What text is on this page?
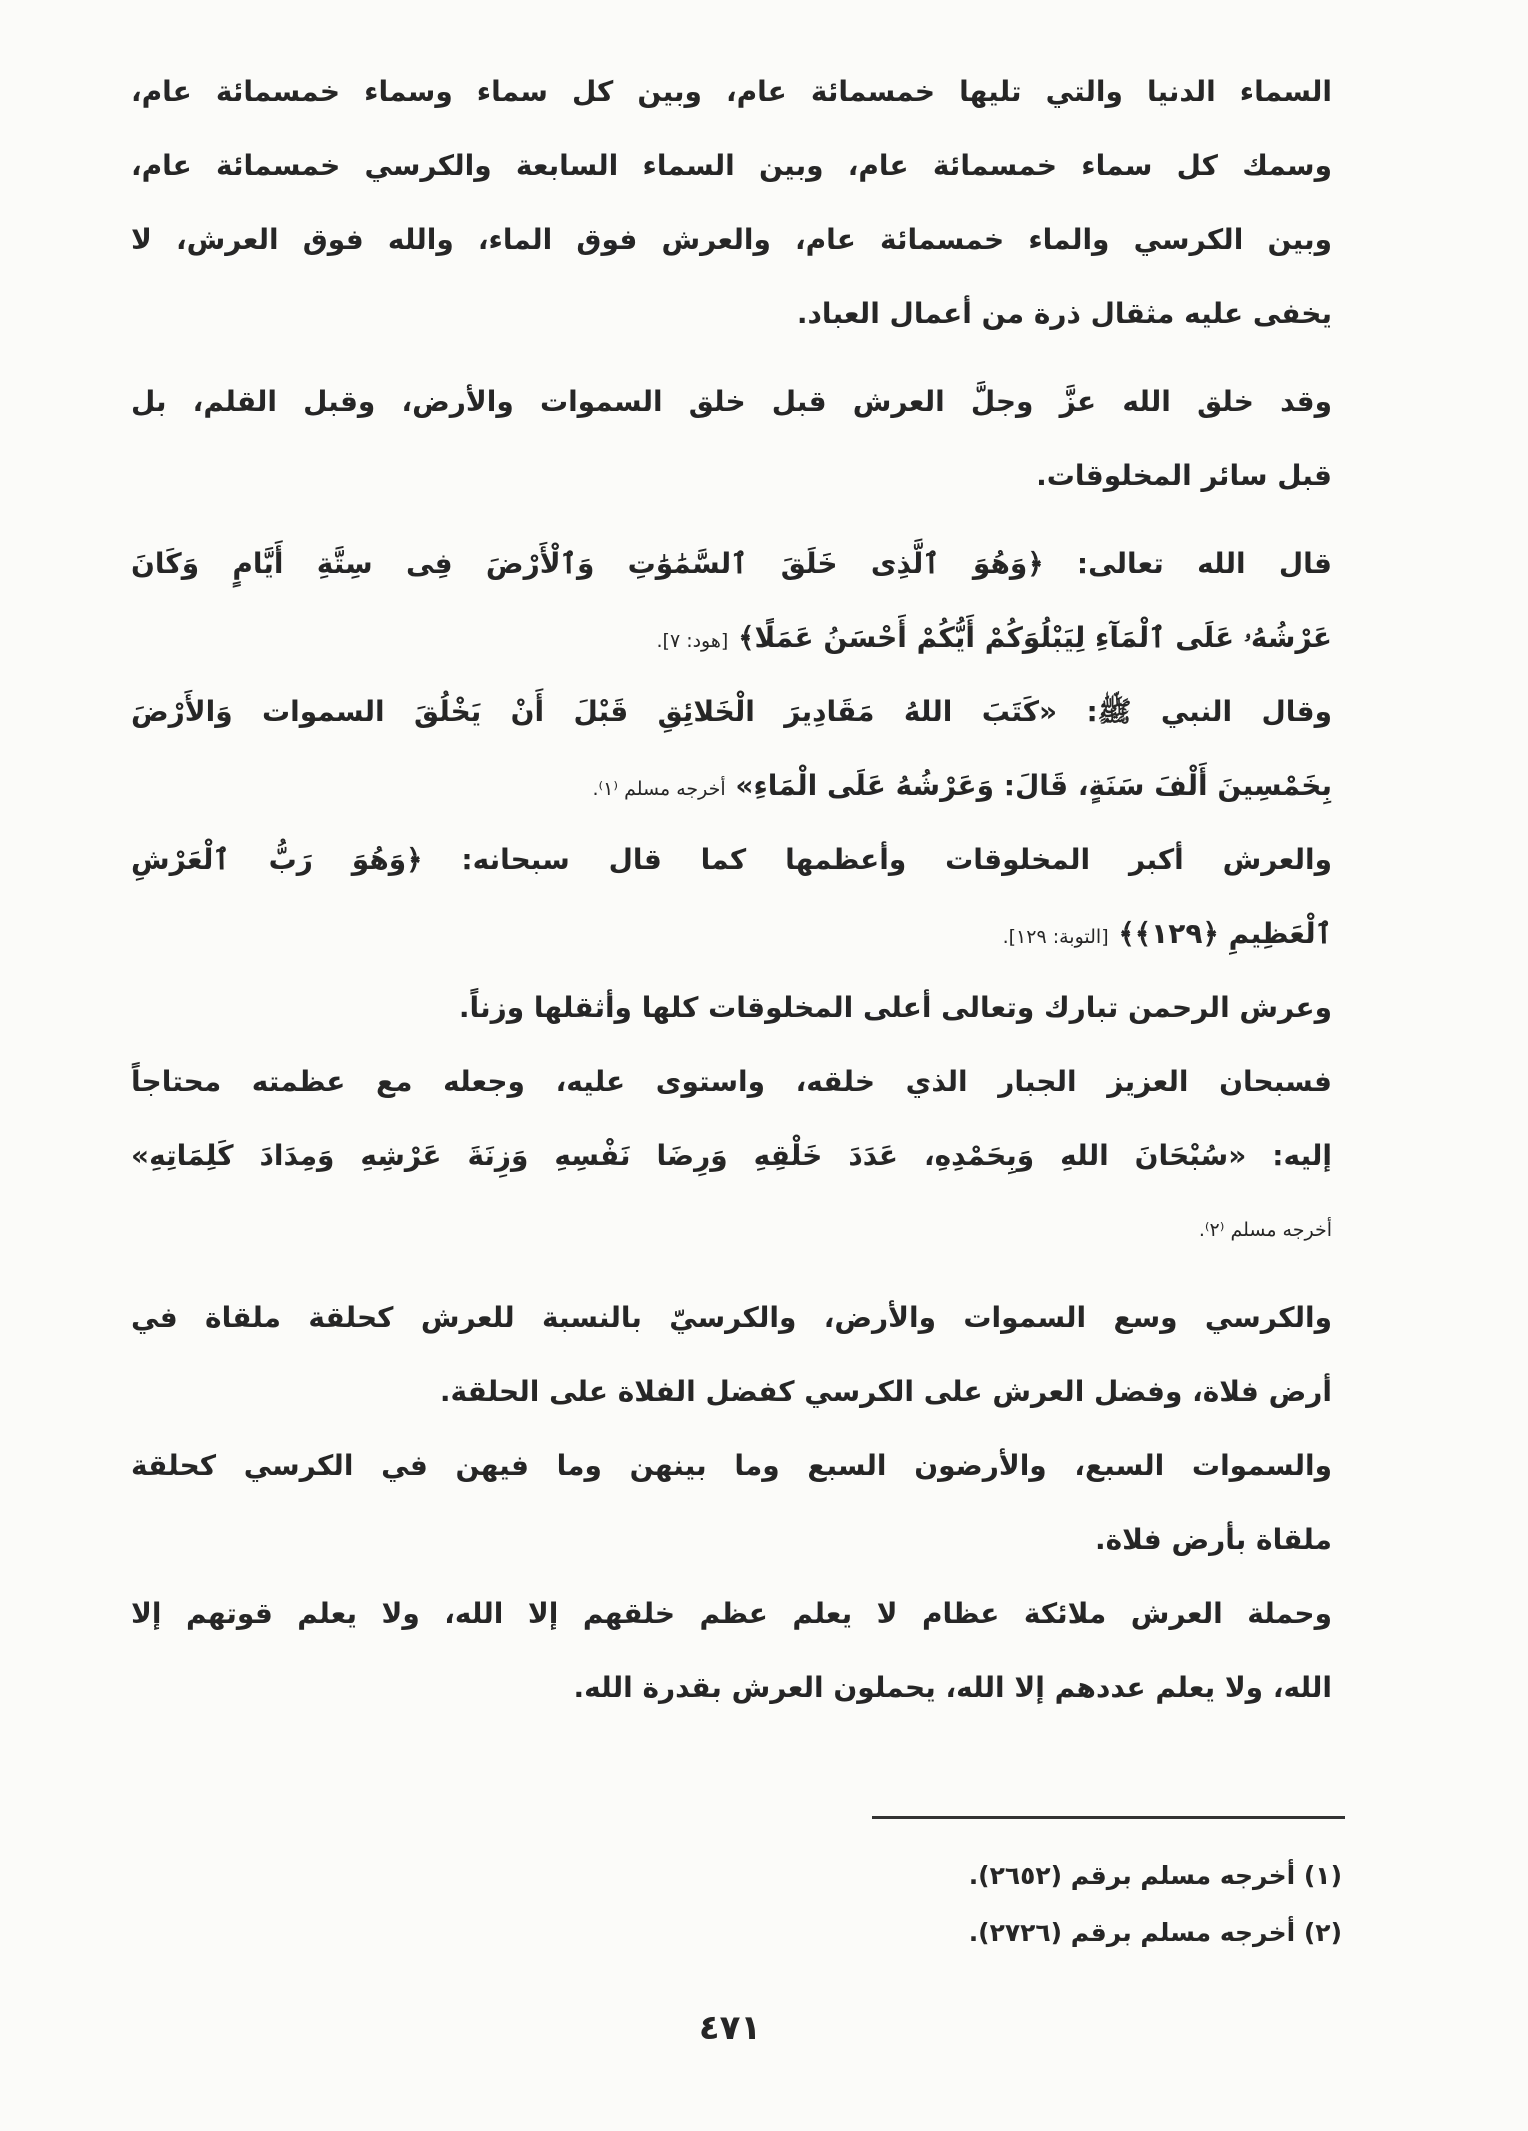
السماء الدنيا والتي تليها خمسمائة عام، وبين كل سماء وسماء خمسمائة عام،
وسمك كل سماء خمسمائة عام، وبين السماء السابعة والكرسي خمسمائة عام،
وبين الكرسي والماء خمسمائة عام، والعرش فوق الماء، والله فوق العرش، لا
يخفى عليه مثقال ذرة من أعمال العباد.
وقد خلق الله عزَّ وجلَّ العرش قبل خلق السموات والأرض، وقبل القلم، بل
قبل سائر المخلوقات.
قال الله تعالى: ﴿وَهُوَ ٱلَّذِى خَلَقَ ٱلسَّمَٰوَٰتِ وَٱلْأَرْضَ فِى سِتَّةِ أَيَّامٍ وَكَانَ
عَرْشُهُۥ عَلَى ٱلْمَآءِ لِيَبْلُوَكُمْ أَيُّكُمْ أَحْسَنُ عَمَلًا﴾ [هود: ٧].
وقال النبي ﷺ: «كَتَبَ اللهُ مَقَادِيرَ الْخَلائِقِ قَبْلَ أَنْ يَخْلُقَ السموات وَالأَرْضَ
بِخَمْسِينَ أَلْفَ سَنَةٍ، قَالَ: وَعَرْشُهُ عَلَى الْمَاءِ» أخرجه مسلم ⁽١⁾.
والعرش أكبر المخلوقات وأعظمها كما قال سبحانه: ﴿وَهُوَ رَبُّ ٱلْعَرْشِ
ٱلْعَظِيمِ ﴿١٢٩﴾﴾ [التوبة: ١٢٩].
وعرش الرحمن تبارك وتعالى أعلى المخلوقات كلها وأثقلها وزناً.
فسبحان العزيز الجبار الذي خلقه، واستوى عليه، وجعله مع عظمته محتاجاً
إليه: «سُبْحَانَ اللهِ وَبِحَمْدِهِ، عَدَدَ خَلْقِهِ وَرِضَا نَفْسِهِ وَزِنَةَ عَرْشِهِ وَمِدَادَ كَلِمَاتِهِ»
أخرجه مسلم ⁽٢⁾.
والكرسي وسع السموات والأرض، والكرسيّ بالنسبة للعرش كحلقة ملقاة في
أرض فلاة، وفضل العرش على الكرسي كفضل الفلاة على الحلقة.
والسموات السبع، والأرضون السبع وما بينهن وما فيهن في الكرسي كحلقة
ملقاة بأرض فلاة.
وحملة العرش ملائكة عظام لا يعلم عظم خلقهم إلا الله، ولا يعلم قوتهم إلا
الله، ولا يعلم عددهم إلا الله، يحملون العرش بقدرة الله.
(١) أخرجه مسلم برقم (٢٦٥٢).
(٢) أخرجه مسلم برقم (٢٧٢٦).
٤٧١
